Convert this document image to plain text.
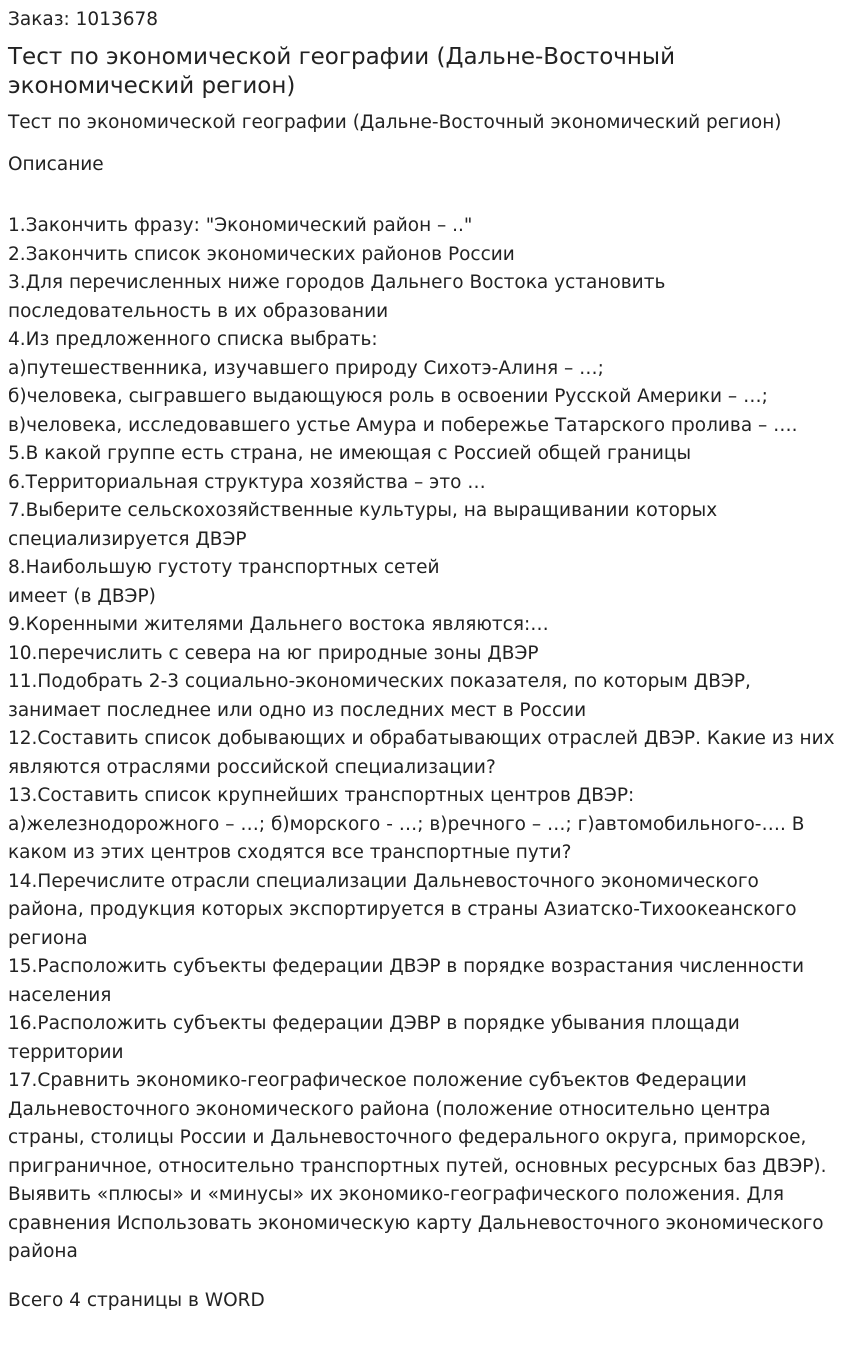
Заказ: 1013678

Тест по экономической географии (Дальне-Восточный экономический регион)

Тест по экономической географии (Дальне-Восточный экономический регион)

Описание

1.Закончить фразу: "Экономический район – .."
2.Закончить список экономических районов России
3.Для перечисленных ниже городов Дальнего Востока установить последовательность в их образовании
4.Из предложенного списка выбрать:
а)путешественника, изучавшего природу Сихотэ-Алиня – …;
б)человека, сыгравшего выдающуюся роль в освоении Русской Америки – …;
в)человека, исследовавшего устье Амура и побережье Татарского пролива – ….
5.В какой группе есть страна, не имеющая с Россией общей границы
6.Территориальная структура хозяйства – это …
7.Выберите сельскохозяйственные культуры, на выращивании которых специализируется ДВЭР
8.Наибольшую густоту транспортных сетей
имеет (в ДВЭР)
9.Коренными жителями Дальнего востока являются:…
10.перечислить с севера на юг природные зоны ДВЭР
11.Подобрать 2-3 социально-экономических показателя, по которым ДВЭР, занимает последнее или одно из последних мест в России
12.Составить список добывающих и обрабатывающих отраслей ДВЭР. Какие из них являются отраслями российской специализации?
13.Составить список крупнейших транспортных центров ДВЭР: а)железнодорожного – …; б)морского - …; в)речного – …; г)автомобильного-…. В каком из этих центров сходятся все транспортные пути?
14.Перечислите отрасли специализации Дальневосточного экономического района, продукция которых экспортируется в страны Азиатско-Тихоокеанского региона
15.Расположить субъекты федерации ДВЭР в порядке возрастания численности населения
16.Расположить субъекты федерации ДЭВР в порядке убывания площади территории
17.Сравнить экономико-географическое положение субъектов Федерации Дальневосточного экономического района (положение относительно центра страны, столицы России и Дальневосточного федерального округа, приморское, приграничное, относительно транспортных путей, основных ресурсных баз ДВЭР). Выявить «плюсы» и «минусы» их экономико-географического положения. Для сравнения Использовать экономическую карту Дальневосточного экономического района

Всего 4 страницы в WORD
